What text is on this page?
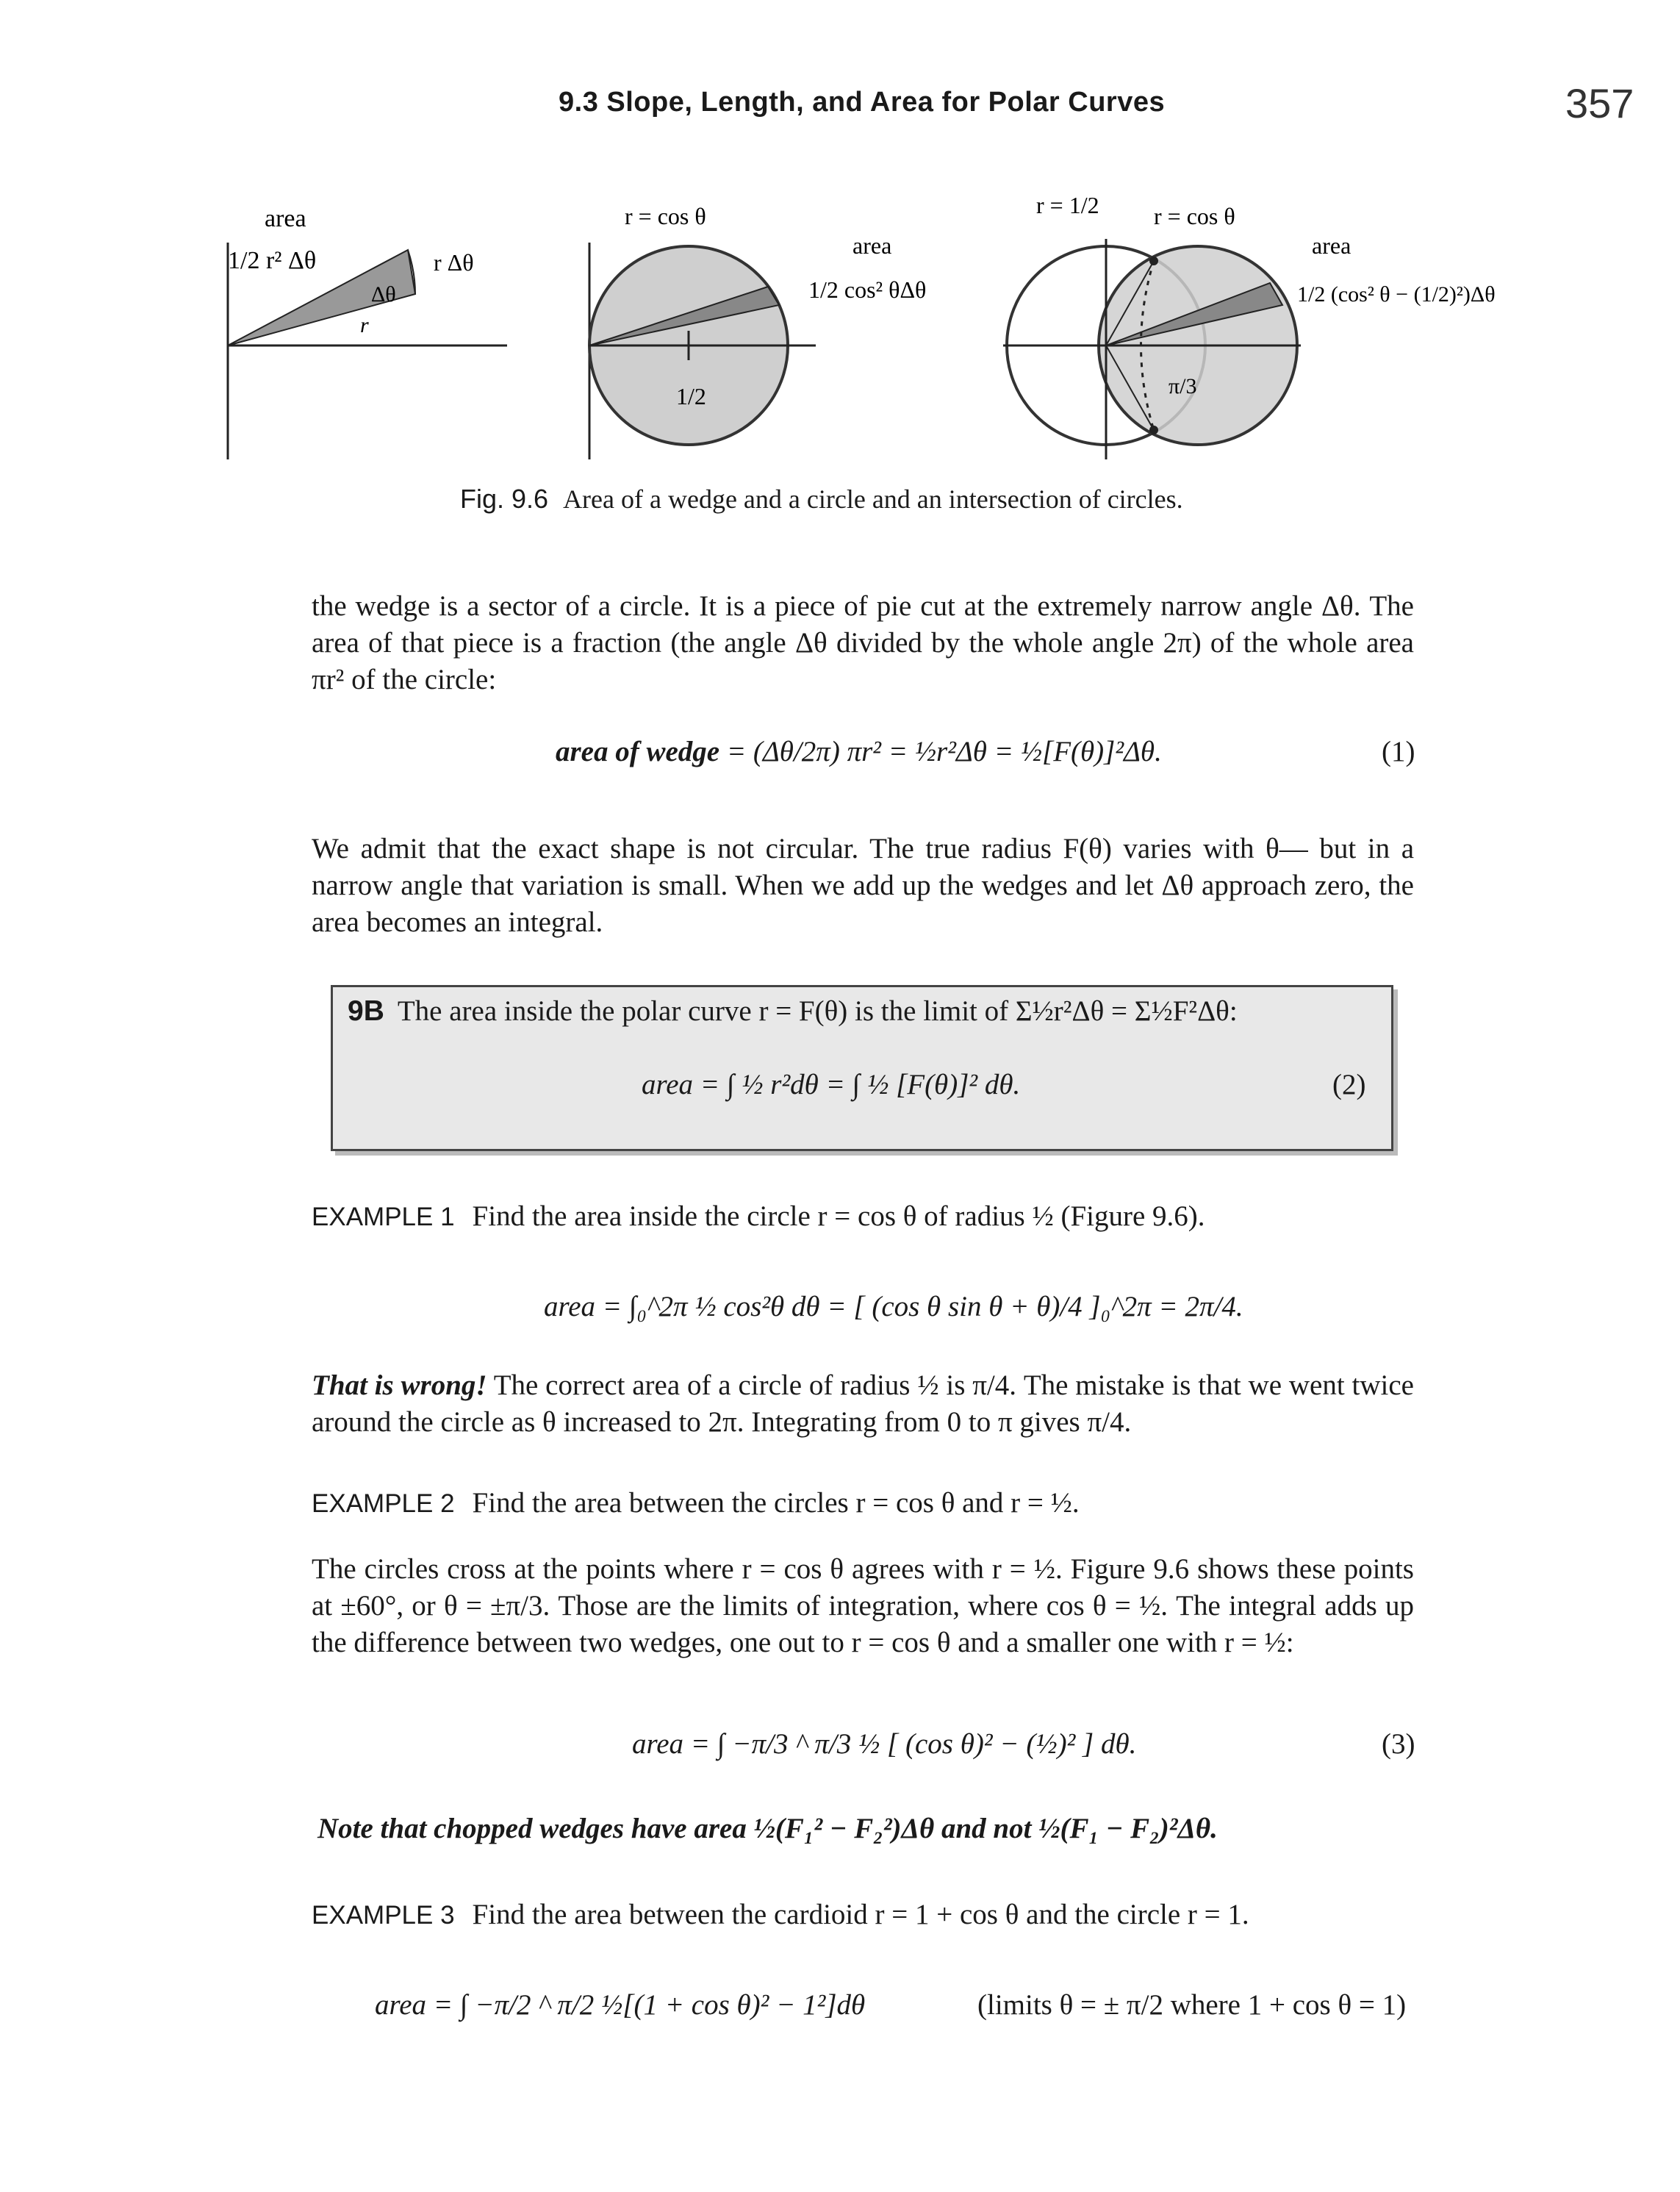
9.3 Slope, Length, and Area for Polar Curves	357
area
1/2 r² Δθ	r Δθ
Δθ
r
r = cos θ
area
1/2 cos² θΔθ
1/2
r = 1/2 r = cos θ
area
1/2 (cos² θ − (1/2)²)Δθ
π/3
Fig. 9.6 Area of a wedge and a circle and an intersection of circles.
the wedge is a sector of a circle. It is a piece of pie cut at the extremely narrow angle Δθ. The area of that piece is a fraction (the angle Δθ divided by the whole angle 2π) of the whole area πr² of the circle:
area of wedge = (Δθ/2π) πr² = ½r²Δθ = ½[F(θ)]²Δθ.	(1)
We admit that the exact shape is not circular. The true radius F(θ) varies with θ— but in a narrow angle that variation is small. When we add up the wedges and let Δθ approach zero, the area becomes an integral.
9B The area inside the polar curve r = F(θ) is the limit of Σ½r²Δθ = Σ½F²Δθ:
area = ∫ ½ r²dθ = ∫ ½ [F(θ)]² dθ.	(2)
EXAMPLE 1 Find the area inside the circle r = cos θ of radius ½ (Figure 9.6).
area = ∫₀^2π ½ cos²θ dθ = [ (cos θ sin θ + θ)/4 ]₀^2π = 2π/4.
That is wrong! The correct area of a circle of radius ½ is π/4. The mistake is that we went twice around the circle as θ increased to 2π. Integrating from 0 to π gives π/4.
EXAMPLE 2 Find the area between the circles r = cos θ and r = ½.
The circles cross at the points where r = cos θ agrees with r = ½. Figure 9.6 shows these points at ±60°, or θ = ±π/3. Those are the limits of integration, where cos θ = ½. The integral adds up the difference between two wedges, one out to r = cos θ and a smaller one with r = ½:
area = ∫ −π/3 ^ π/3 ½ [ (cos θ)² − (½)² ] dθ.	(3)
Note that chopped wedges have area ½(F₁² − F₂²)Δθ and not ½(F₁ − F₂)²Δθ.
EXAMPLE 3 Find the area between the cardioid r = 1 + cos θ and the circle r = 1.
area = ∫ −π/2 ^ π/2 ½[(1 + cos θ)² − 1²]dθ	(limits θ = ± π/2 where 1 + cos θ = 1)
